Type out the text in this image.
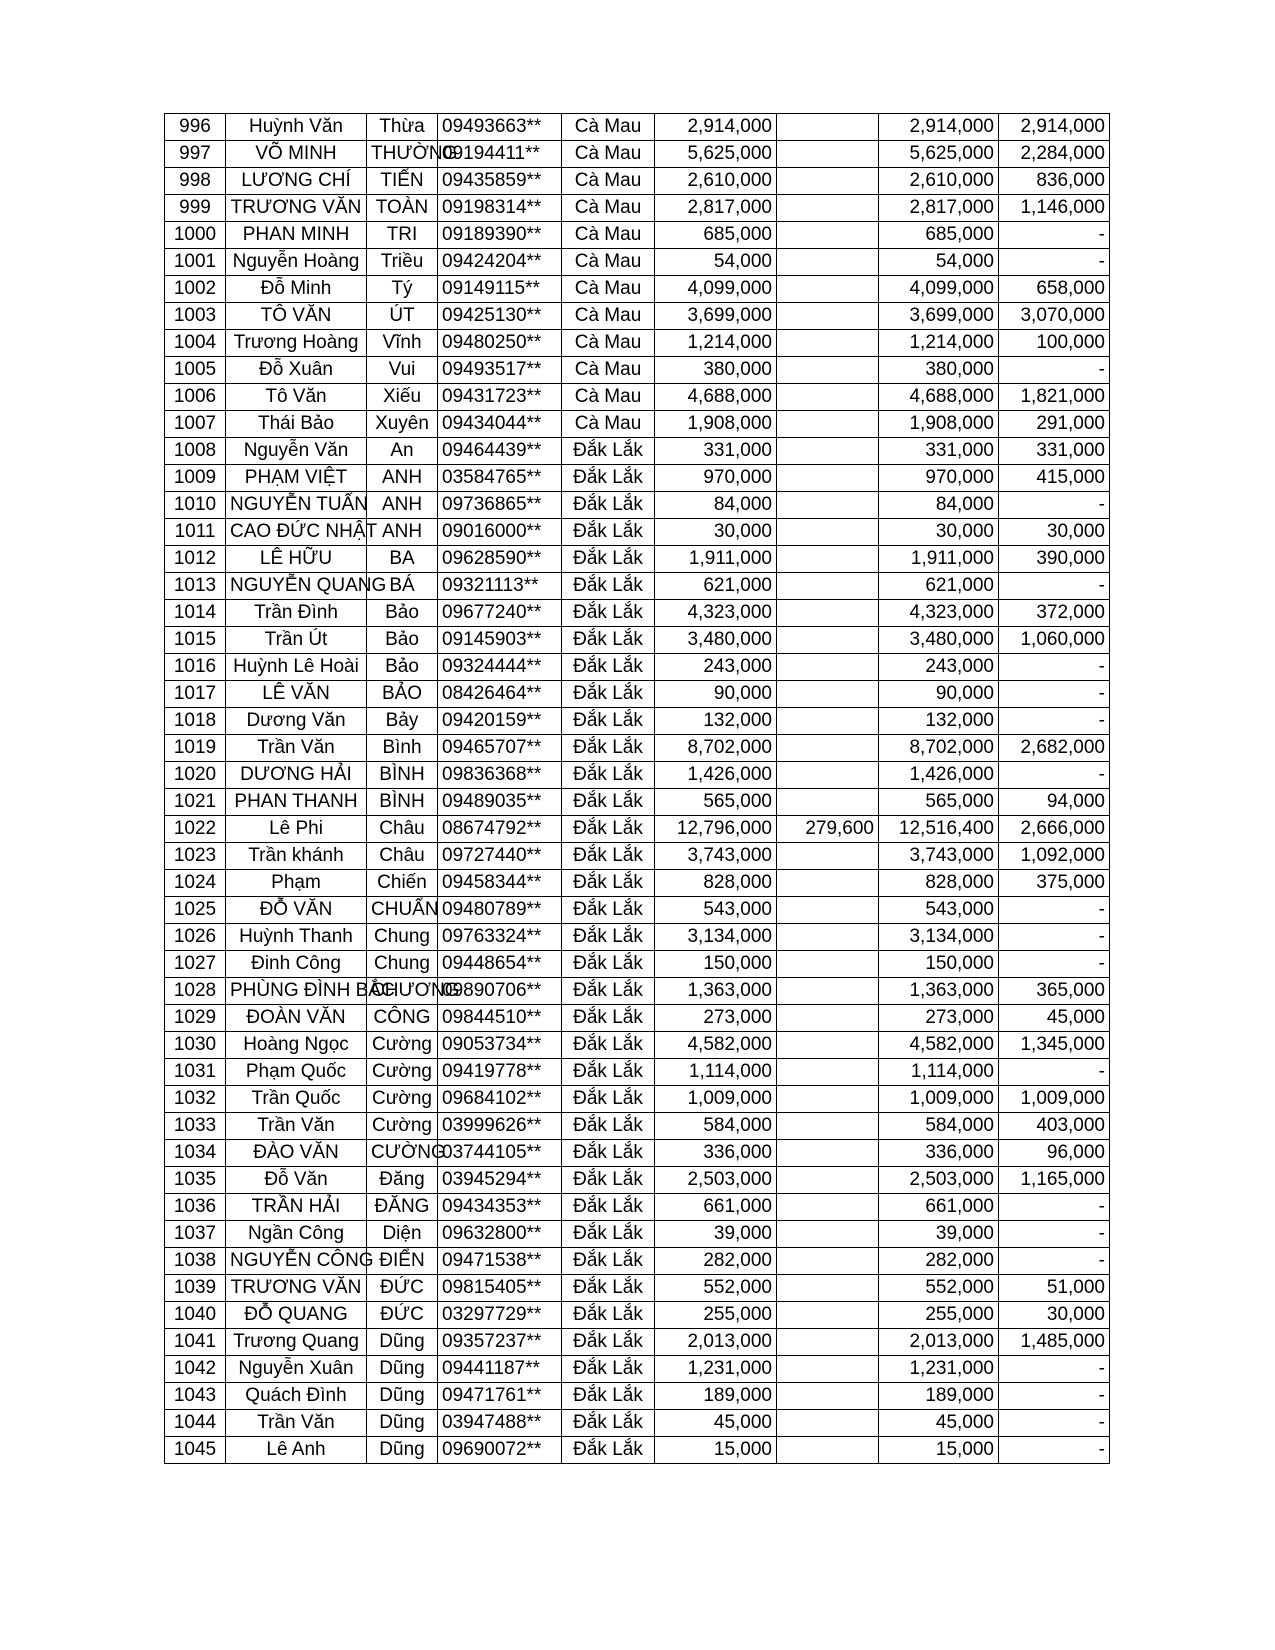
996	Huỳnh Văn	Thừa	09493663**	Cà Mau	2,914,000		2,914,000	2,914,000
997	VÕ MINH	THƯỜNG	09194411**	Cà Mau	5,625,000		5,625,000	2,284,000
998	LƯƠNG CHÍ	TIẾN	09435859**	Cà Mau	2,610,000		2,610,000	836,000
999	TRƯƠNG VĂN	TOÀN	09198314**	Cà Mau	2,817,000		2,817,000	1,146,000
1000	PHAN MINH	TRI	09189390**	Cà Mau	685,000		685,000	-
1001	Nguyễn Hoàng	Triều	09424204**	Cà Mau	54,000		54,000	-
1002	Đỗ Minh	Tý	09149115**	Cà Mau	4,099,000		4,099,000	658,000
1003	TÔ VĂN	ÚT	09425130**	Cà Mau	3,699,000		3,699,000	3,070,000
1004	Trương Hoàng	Vĩnh	09480250**	Cà Mau	1,214,000		1,214,000	100,000
1005	Đỗ Xuân	Vui	09493517**	Cà Mau	380,000		380,000	-
1006	Tô Văn	Xiếu	09431723**	Cà Mau	4,688,000		4,688,000	1,821,000
1007	Thái Bảo	Xuyên	09434044**	Cà Mau	1,908,000		1,908,000	291,000
1008	Nguyễn Văn	An	09464439**	Đắk Lắk	331,000		331,000	331,000
1009	PHẠM VIỆT	ANH	03584765**	Đắk Lắk	970,000		970,000	415,000
1010	NGUYỄN TUẤN	ANH	09736865**	Đắk Lắk	84,000		84,000	-
1011	CAO ĐỨC NHẬT	ANH	09016000**	Đắk Lắk	30,000		30,000	30,000
1012	LÊ HỮU	BA	09628590**	Đắk Lắk	1,911,000		1,911,000	390,000
1013	NGUYỄN QUANG	BÁ	09321113**	Đắk Lắk	621,000		621,000	-
1014	Trần Đình	Bảo	09677240**	Đắk Lắk	4,323,000		4,323,000	372,000
1015	Trần Út	Bảo	09145903**	Đắk Lắk	3,480,000		3,480,000	1,060,000
1016	Huỳnh Lê Hoài	Bảo	09324444**	Đắk Lắk	243,000		243,000	-
1017	LÊ VĂN	BẢO	08426464**	Đắk Lắk	90,000		90,000	-
1018	Dương Văn	Bảy	09420159**	Đắk Lắk	132,000		132,000	-
1019	Trần Văn	Bình	09465707**	Đắk Lắk	8,702,000		8,702,000	2,682,000
1020	DƯƠNG HẢI	BÌNH	09836368**	Đắk Lắk	1,426,000		1,426,000	-
1021	PHAN THANH	BÌNH	09489035**	Đắk Lắk	565,000		565,000	94,000
1022	Lê Phi	Châu	08674792**	Đắk Lắk	12,796,000	279,600	12,516,400	2,666,000
1023	Trần khánh	Châu	09727440**	Đắk Lắk	3,743,000		3,743,000	1,092,000
1024	Phạm	Chiến	09458344**	Đắk Lắk	828,000		828,000	375,000
1025	ĐỖ VĂN	CHUẨN	09480789**	Đắk Lắk	543,000		543,000	-
1026	Huỳnh Thanh	Chung	09763324**	Đắk Lắk	3,134,000		3,134,000	-
1027	Đinh Công	Chung	09448654**	Đắk Lắk	150,000		150,000	-
1028	PHÙNG ĐÌNH BẮC	CHƯƠNG	09890706**	Đắk Lắk	1,363,000		1,363,000	365,000
1029	ĐOÀN VĂN	CÔNG	09844510**	Đắk Lắk	273,000		273,000	45,000
1030	Hoàng Ngọc	Cường	09053734**	Đắk Lắk	4,582,000		4,582,000	1,345,000
1031	Phạm Quốc	Cường	09419778**	Đắk Lắk	1,114,000		1,114,000	-
1032	Trần Quốc	Cường	09684102**	Đắk Lắk	1,009,000		1,009,000	1,009,000
1033	Trần Văn	Cường	03999626**	Đắk Lắk	584,000		584,000	403,000
1034	ĐÀO VĂN	CƯỜNG	03744105**	Đắk Lắk	336,000		336,000	96,000
1035	Đỗ Văn	Đăng	03945294**	Đắk Lắk	2,503,000		2,503,000	1,165,000
1036	TRẦN HẢI	ĐĂNG	09434353**	Đắk Lắk	661,000		661,000	-
1037	Ngần Công	Diện	09632800**	Đắk Lắk	39,000		39,000	-
1038	NGUYỄN CÔNG	ĐIỂN	09471538**	Đắk Lắk	282,000		282,000	-
1039	TRƯƠNG VĂN	ĐỨC	09815405**	Đắk Lắk	552,000		552,000	51,000
1040	ĐỖ QUANG	ĐỨC	03297729**	Đắk Lắk	255,000		255,000	30,000
1041	Trương Quang	Dũng	09357237**	Đắk Lắk	2,013,000		2,013,000	1,485,000
1042	Nguyễn Xuân	Dũng	09441187**	Đắk Lắk	1,231,000		1,231,000	-
1043	Quách Đình	Dũng	09471761**	Đắk Lắk	189,000		189,000	-
1044	Trần Văn	Dũng	03947488**	Đắk Lắk	45,000		45,000	-
1045	Lê Anh	Dũng	09690072**	Đắk Lắk	15,000		15,000	-
